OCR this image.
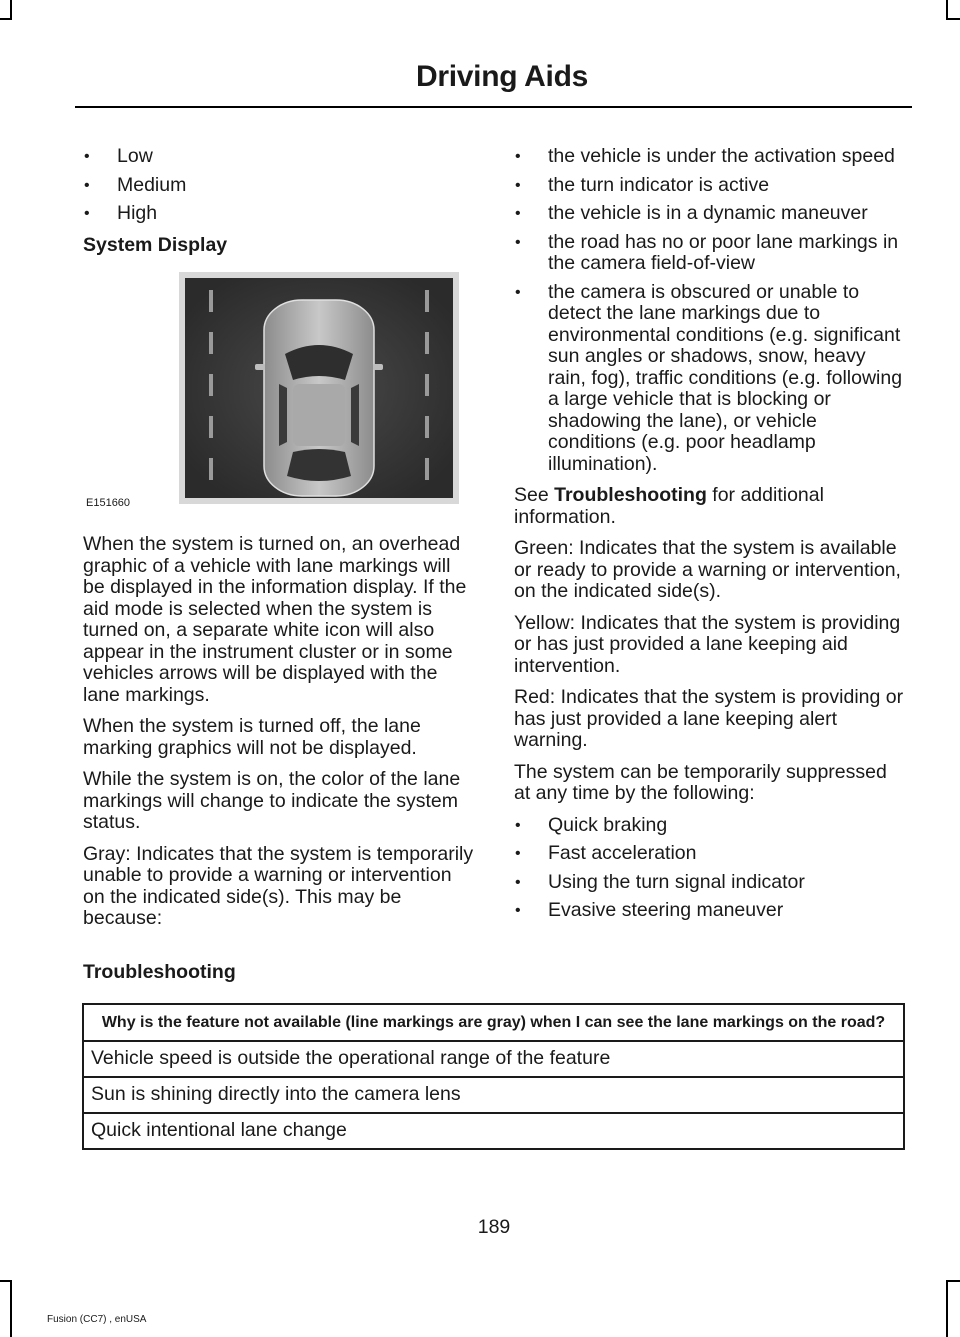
Driving Aids
• Low
• Medium
• High
System Display
E151660

When the system is turned on, an overhead graphic of a vehicle with lane markings will be displayed in the information display. If the aid mode is selected when the system is turned on, a separate white icon will also appear in the instrument cluster or in some vehicles arrows will be displayed with the lane markings.

When the system is turned off, the lane marking graphics will not be displayed.

While the system is on, the color of the lane markings will change to indicate the system status.

Gray: Indicates that the system is temporarily unable to provide a warning or intervention on the indicated side(s). This may be because:

• the vehicle is under the activation speed
• the turn indicator is active
• the vehicle is in a dynamic maneuver
• the road has no or poor lane markings in the camera field-of-view
• the camera is obscured or unable to detect the lane markings due to environmental conditions (e.g. significant sun angles or shadows, snow, heavy rain, fog), traffic conditions (e.g. following a large vehicle that is blocking or shadowing the lane), or vehicle conditions (e.g. poor headlamp illumination).

See Troubleshooting for additional information.

Green: Indicates that the system is available or ready to provide a warning or intervention, on the indicated side(s).

Yellow: Indicates that the system is providing or has just provided a lane keeping aid intervention.

Red: Indicates that the system is providing or has just provided a lane keeping alert warning.

The system can be temporarily suppressed at any time by the following:

• Quick braking
• Fast acceleration
• Using the turn signal indicator
• Evasive steering maneuver
Troubleshooting
Why is the feature not available (line markings are gray) when I can see the lane markings on the road?
Vehicle speed is outside the operational range of the feature
Sun is shining directly into the camera lens
Quick intentional lane change
189
Fusion (CC7) , enUSA
